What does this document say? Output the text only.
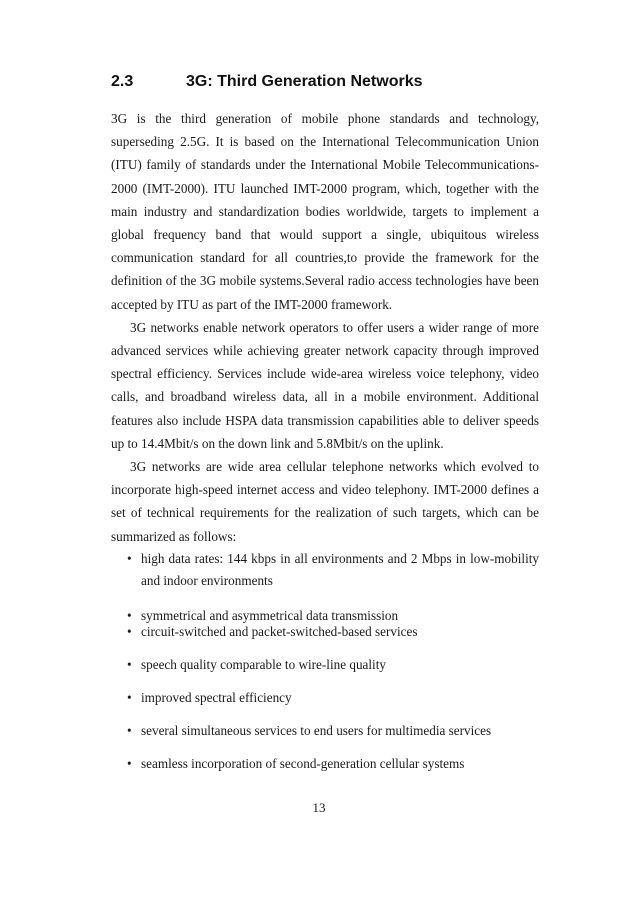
2.3	3G: Third Generation Networks

3G is the third generation of mobile phone standards and technology, superseding 2.5G. It is based on the International Telecommunication Union (ITU) family of standards under the International Mobile Telecommunications-2000 (IMT-2000). ITU launched IMT-2000 program, which, together with the main industry and standardization bodies worldwide, targets to implement a global frequency band that would support a single, ubiquitous wireless communication standard for all countries,to provide the framework for the definition of the 3G mobile systems.Several radio access technologies have been accepted by ITU as part of the IMT-2000 framework.

3G networks enable network operators to offer users a wider range of more advanced services while achieving greater network capacity through improved spectral efficiency. Services include wide-area wireless voice telephony, video calls, and broadband wireless data, all in a mobile environment. Additional features also include HSPA data transmission capabilities able to deliver speeds up to 14.4Mbit/s on the down link and 5.8Mbit/s on the uplink.

3G networks are wide area cellular telephone networks which evolved to incorporate high-speed internet access and video telephony. IMT-2000 defines a set of technical requirements for the realization of such targets, which can be summarized as follows:

• high data rates: 144 kbps in all environments and 2 Mbps in low-mobility and indoor environments
• symmetrical and asymmetrical data transmission
• circuit-switched and packet-switched-based services
• speech quality comparable to wire-line quality
• improved spectral efficiency
• several simultaneous services to end users for multimedia services
• seamless incorporation of second-generation cellular systems
13
